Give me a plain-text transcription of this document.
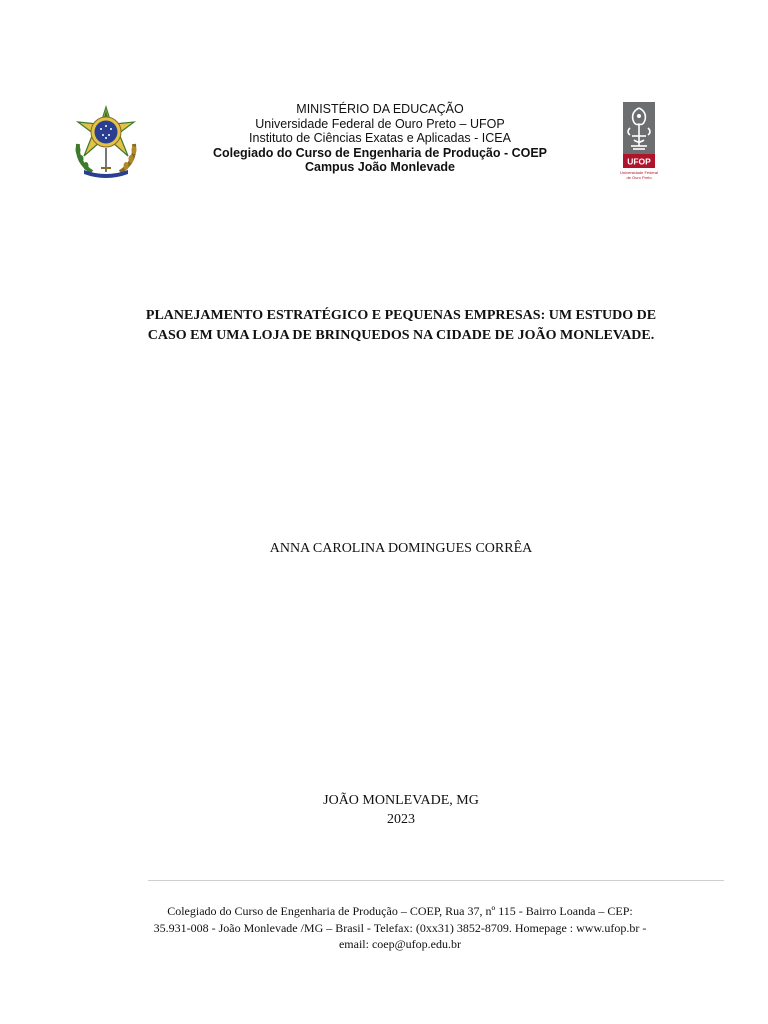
MINISTÉRIO DA EDUCAÇÃO
Universidade Federal de Ouro Preto – UFOP
Instituto de Ciências Exatas e Aplicadas - ICEA
Colegiado do Curso de Engenharia de Produção - COEP
Campus João Monlevade	UFOP
Universidade Federal
de Ouro Preto
PLANEJAMENTO ESTRATÉGICO E PEQUENAS EMPRESAS: UM ESTUDO DE
CASO EM UMA LOJA DE BRINQUEDOS NA CIDADE DE JOÃO MONLEVADE.
ANNA CAROLINA DOMINGUES CORRÊA
JOÃO MONLEVADE, MG
2023
Colegiado do Curso de Engenharia de Produção – COEP, Rua 37, nº 115 - Bairro Loanda – CEP:
35.931-008 - João Monlevade /MG – Brasil - Telefax: (0xx31) 3852-8709. Homepage : www.ufop.br -
email: coep@ufop.edu.br
